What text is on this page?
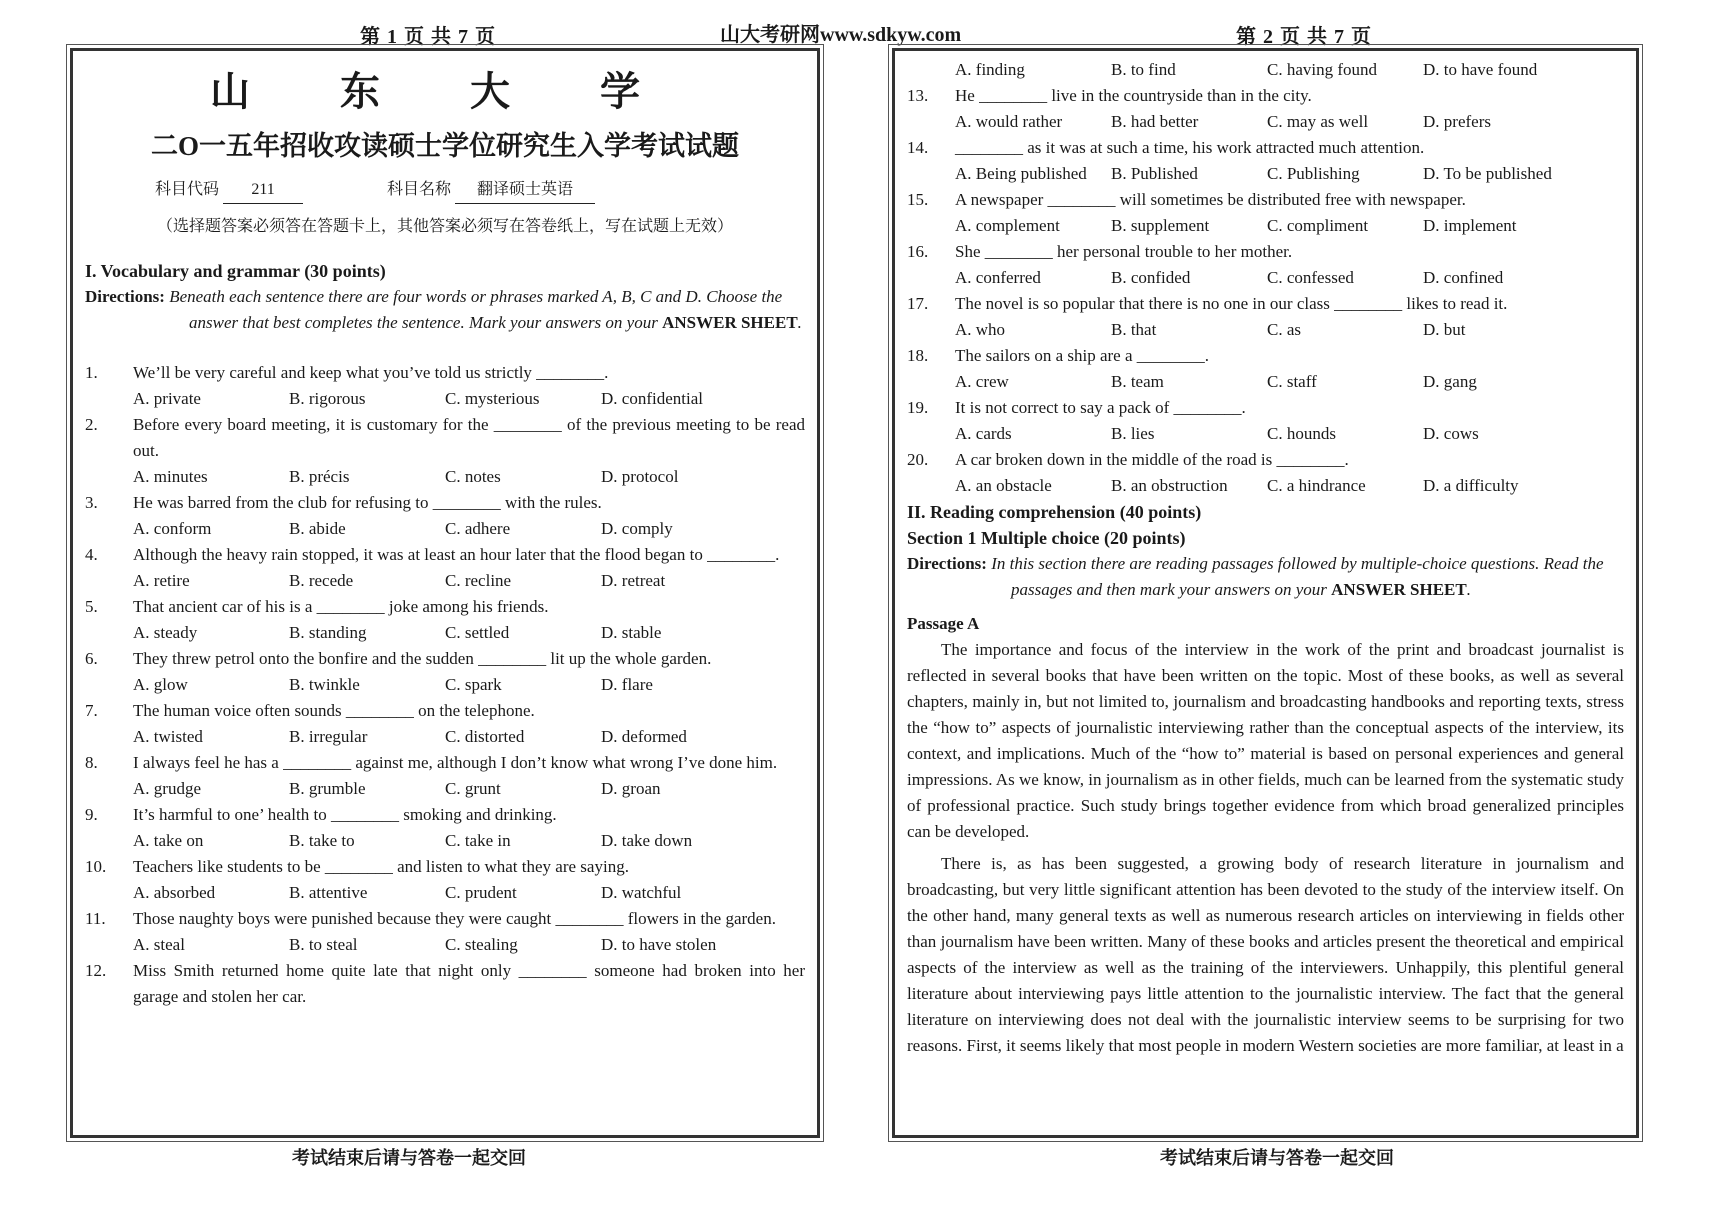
山大考研网www.sdkyw.com
第 1 页 共 7 页	第 2 页 共 7 页
山 东 大 学
二O一五年招收攻读硕士学位研究生入学考试试题
科目代码 211	科目名称 翻译硕士英语
（选择题答案必须答在答题卡上，其他答案必须写在答卷纸上，写在试题上无效）
I. Vocabulary and grammar (30 points)
Directions: Beneath each sentence there are four words or phrases marked A, B, C and D. Choose the answer that best completes the sentence. Mark your answers on your ANSWER SHEET.
1.	We’ll be very careful and keep what you’ve told us strictly ________.
A. private	B. rigorous	C. mysterious	D. confidential
2.	Before every board meeting, it is customary for the ________ of the previous meeting to be read out.
A. minutes	B. précis	C. notes	D. protocol
3.	He was barred from the club for refusing to ________ with the rules.
A. conform	B. abide	C. adhere	D. comply
4.	Although the heavy rain stopped, it was at least an hour later that the flood began to ________.
A. retire	B. recede	C. recline	D. retreat
5.	That ancient car of his is a ________ joke among his friends.
A. steady	B. standing	C. settled	D. stable
6.	They threw petrol onto the bonfire and the sudden ________ lit up the whole garden.
A. glow	B. twinkle	C. spark	D. flare
7.	The human voice often sounds ________ on the telephone.
A. twisted	B. irregular	C. distorted	D. deformed
8.	I always feel he has a ________ against me, although I don’t know what wrong I’ve done him.
A. grudge	B. grumble	C. grunt	D. groan
9.	It’s harmful to one’ health to ________ smoking and drinking.
A. take on	B. take to	C. take in	D. take down
10.	Teachers like students to be ________ and listen to what they are saying.
A. absorbed	B. attentive	C. prudent	D. watchful
11.	Those naughty boys were punished because they were caught ________ flowers in the garden.
A. steal	B. to steal	C. stealing	D. to have stolen
12.	Miss Smith returned home quite late that night only ________ someone had broken into her garage and stolen her car.
A. finding	B. to find	C. having found	D. to have found
13.	He ________ live in the countryside than in the city.
A. would rather	B. had better	C. may as well	D. prefers
14.	________ as it was at such a time, his work attracted much attention.
A. Being published	B. Published	C. Publishing	D. To be published
15.	A newspaper ________ will sometimes be distributed free with newspaper.
A. complement	B. supplement	C. compliment	D. implement
16.	She ________ her personal trouble to her mother.
A. conferred	B. confided	C. confessed	D. confined
17.	The novel is so popular that there is no one in our class ________ likes to read it.
A. who	B. that	C. as	D. but
18.	The sailors on a ship are a ________.
A. crew	B. team	C. staff	D. gang
19.	It is not correct to say a pack of ________.
A. cards	B. lies	C. hounds	D. cows
20.	A car broken down in the middle of the road is ________.
A. an obstacle	B. an obstruction	C. a hindrance	D. a difficulty
II. Reading comprehension (40 points)
Section 1 Multiple choice (20 points)
Directions: In this section there are reading passages followed by multiple-choice questions. Read the passages and then mark your answers on your ANSWER SHEET.
Passage A
The importance and focus of the interview in the work of the print and broadcast journalist is reflected in several books that have been written on the topic. Most of these books, as well as several chapters, mainly in, but not limited to, journalism and broadcasting handbooks and reporting texts, stress the “how to” aspects of journalistic interviewing rather than the conceptual aspects of the interview, its context, and implications. Much of the “how to” material is based on personal experiences and general impressions. As we know, in journalism as in other fields, much can be learned from the systematic study of professional practice. Such study brings together evidence from which broad generalized principles can be developed.
There is, as has been suggested, a growing body of research literature in journalism and broadcasting, but very little significant attention has been devoted to the study of the interview itself. On the other hand, many general texts as well as numerous research articles on interviewing in fields other than journalism have been written. Many of these books and articles present the theoretical and empirical aspects of the interview as well as the training of the interviewers. Unhappily, this plentiful general literature about interviewing pays little attention to the journalistic interview. The fact that the general literature on interviewing does not deal with the journalistic interview seems to be surprising for two reasons. First, it seems likely that most people in modern Western societies are more familiar, at least in a
考试结束后请与答卷一起交回	考试结束后请与答卷一起交回
